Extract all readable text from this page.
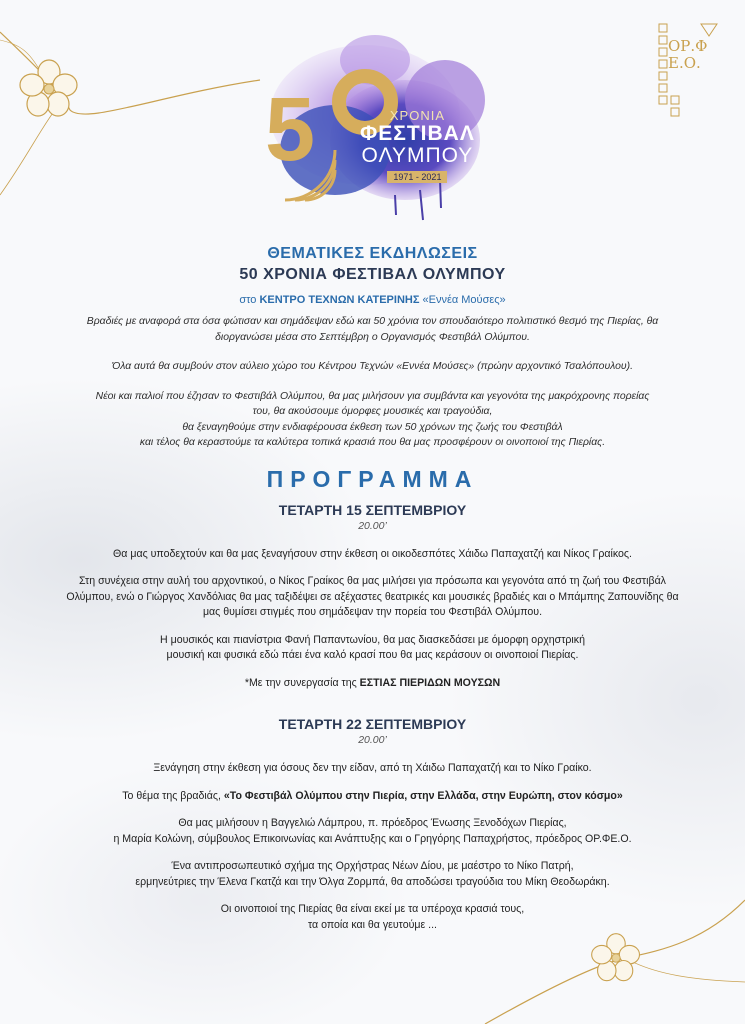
ΟΡ.ΦΕ.Ο.
5	ΧΡΟΝΙΑ
ΦΕΣΤΙΒΑΛ
ΟΛΥΜΠΟΥ
1971 - 2021
ΘΕΜΑΤΙΚΕΣ ΕΚΔΗΛΩΣΕΙΣ
50 ΧΡΟΝΙΑ ΦΕΣΤΙΒΑΛ ΟΛΥΜΠΟΥ
στο ΚΕΝΤΡΟ ΤΕΧΝΩΝ ΚΑΤΕΡΙΝΗΣ «Εννέα Μούσες»

Βραδιές με αναφορά στα όσα φώτισαν και σημάδεψαν εδώ και 50 χρόνια τον σπουδαιότερο πολιτιστικό θεσμό της Πιερίας, θα διοργανώσει μέσα στο Σεπτέμβρη ο Οργανισμός Φεστιβάλ Ολύμπου.

Όλα αυτά θα συμβούν στον αύλειο χώρο του Κέντρου Τεχνών «Εννέα Μούσες» (πρώην αρχοντικό Τσαλόπουλου).

Νέοι και παλιοί που έζησαν το Φεστιβάλ Ολύμπου, θα μας μιλήσουν για συμβάντα και γεγονότα της μακρόχρονης πορείας του, θα ακούσουμε όμορφες μουσικές και τραγούδια,
θα ξεναγηθούμε στην ενδιαφέρουσα έκθεση των 50 χρόνων της ζωής του Φεστιβάλ
και τέλος θα κεραστούμε τα καλύτερα τοπικά κρασιά που θα μας προσφέρουν οι οινοποιοί της Πιερίας.

ΠΡΟΓΡΑΜΜΑ
ΤΕΤΑΡΤΗ 15 ΣΕΠΤΕΜΒΡΙΟΥ
20.00’

Θα μας υποδεχτούν και θα μας ξεναγήσουν στην έκθεση οι οικοδεσπότες Χάιδω Παπαχατζή και Νίκος Γραίκος.

Στη συνέχεια στην αυλή του αρχοντικού, ο Νίκος Γραίκος θα μας μιλήσει για πρόσωπα και γεγονότα από τη ζωή του Φεστιβάλ Ολύμπου, ενώ ο Γιώργος Χανδόλιας θα μας ταξιδέψει σε αξέχαστες θεατρικές και μουσικές βραδιές και ο Μπάμπης Ζαπουνίδης θα μας θυμίσει στιγμές που σημάδεψαν την πορεία του Φεστιβάλ Ολύμπου.

Η μουσικός και πιανίστρια Φανή Παπαντωνίου, θα μας διασκεδάσει με όμορφη ορχηστρική μουσική και φυσικά εδώ πάει ένα καλό κρασί που θα μας κεράσουν οι οινοποιοί Πιερίας.

*Με την συνεργασία της ΕΣΤΙΑΣ ΠΙΕΡΙΔΩΝ ΜΟΥΣΩΝ

ΤΕΤΑΡΤΗ 22 ΣΕΠΤΕΜΒΡΙΟΥ
20.00’

Ξενάγηση στην έκθεση για όσους δεν την είδαν, από τη Χάιδω Παπαχατζή και το Νίκο Γραίκο.

Το θέμα της βραδιάς, «Το Φεστιβάλ Ολύμπου στην Πιερία, στην Ελλάδα, στην Ευρώπη, στον κόσμο»

Θα μας μιλήσουν η Βαγγελιώ Λάμπρου, π. πρόεδρος Ένωσης Ξενοδόχων Πιερίας,
η Μαρία Κολώνη, σύμβουλος Επικοινωνίας και Ανάπτυξης και ο Γρηγόρης Παπαχρήστος, πρόεδρος ΟΡ.ΦΕ.Ο.

Ένα αντιπροσωπευτικό σχήμα της Ορχήστρας Νέων Δίου, με μαέστρο το Νίκο Πατρή,
ερμηνεύτριες την Έλενα Γκατζά και την Όλγα Ζορμπά, θα αποδώσει τραγούδια του Μίκη Θεοδωράκη.

Οι οινοποιοί της Πιερίας θα είναι εκεί με τα υπέροχα κρασιά τους,
τα οποία και θα γευτούμε ...
